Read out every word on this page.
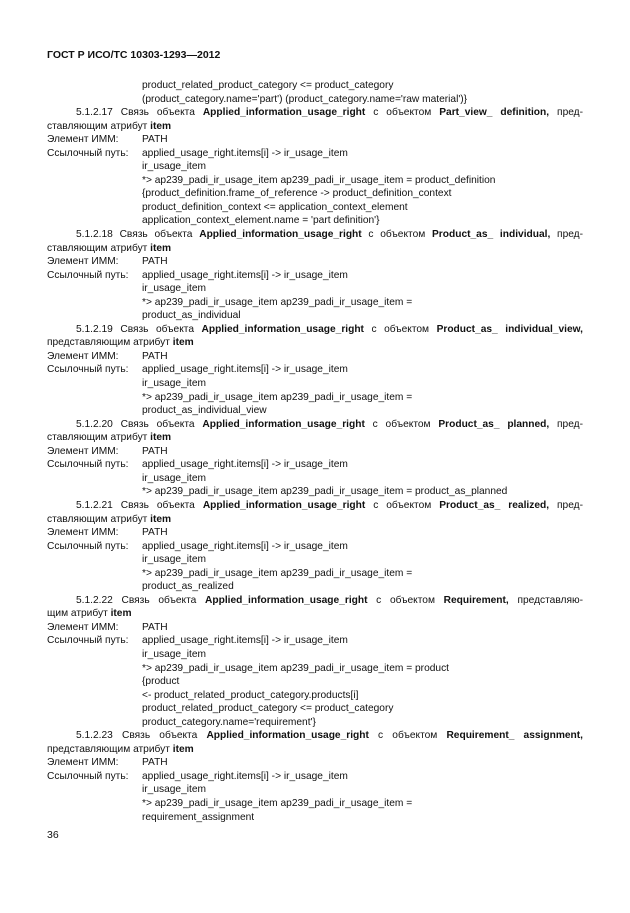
ГОСТ Р ИСО/ТС 10303-1293—2012
product_related_product_category <= product_category
(product_category.name='part') (product_category.name='raw material')}
5.1.2.17 Связь объекта Applied_information_usage_right с объектом Part_view_ definition, пред-
ставляющим атрибут item
Элемент ИММ: PATH
Ссылочный путь: applied_usage_right.items[i] -> ir_usage_item
ir_usage_item
*> ap239_padi_ir_usage_item ap239_padi_ir_usage_item = product_definition
{product_definition.frame_of_reference -> product_definition_context
product_definition_context <= application_context_element
application_context_element.name = 'part definition'}
5.1.2.18 Связь объекта Applied_information_usage_right с объектом Product_as_ individual, пред-
ставляющим атрибут item
Элемент ИММ: PATH
Ссылочный путь: applied_usage_right.items[i] -> ir_usage_item
ir_usage_item
*> ap239_padi_ir_usage_item ap239_padi_ir_usage_item =
product_as_individual
5.1.2.19 Связь объекта Applied_information_usage_right с объектом Product_as_ individual_view,
представляющим атрибут item
Элемент ИММ: PATH
Ссылочный путь: applied_usage_right.items[i] -> ir_usage_item
ir_usage_item
*> ap239_padi_ir_usage_item ap239_padi_ir_usage_item =
product_as_individual_view
5.1.2.20 Связь объекта Applied_information_usage_right с объектом Product_as_ planned, пред-
ставляющим атрибут item
Элемент ИММ: PATH
Ссылочный путь: applied_usage_right.items[i] -> ir_usage_item
ir_usage_item
*> ap239_padi_ir_usage_item ap239_padi_ir_usage_item = product_as_planned
5.1.2.21 Связь объекта Applied_information_usage_right с объектом Product_as_ realized, пред-
ставляющим атрибут item
Элемент ИММ: PATH
Ссылочный путь: applied_usage_right.items[i] -> ir_usage_item
ir_usage_item
*> ap239_padi_ir_usage_item ap239_padi_ir_usage_item =
product_as_realized
5.1.2.22 Связь объекта Applied_information_usage_right с объектом Requirement, представляю-
щим атрибут item
Элемент ИММ: PATH
Ссылочный путь: applied_usage_right.items[i] -> ir_usage_item
ir_usage_item
*> ap239_padi_ir_usage_item ap239_padi_ir_usage_item = product
{product
<- product_related_product_category.products[i]
product_related_product_category <= product_category
product_category.name='requirement'}
5.1.2.23 Связь объекта Applied_information_usage_right с объектом Requirement_ assignment,
представляющим атрибут item
Элемент ИММ: PATH
Ссылочный путь: applied_usage_right.items[i] -> ir_usage_item
ir_usage_item
*> ap239_padi_ir_usage_item ap239_padi_ir_usage_item =
requirement_assignment
36
